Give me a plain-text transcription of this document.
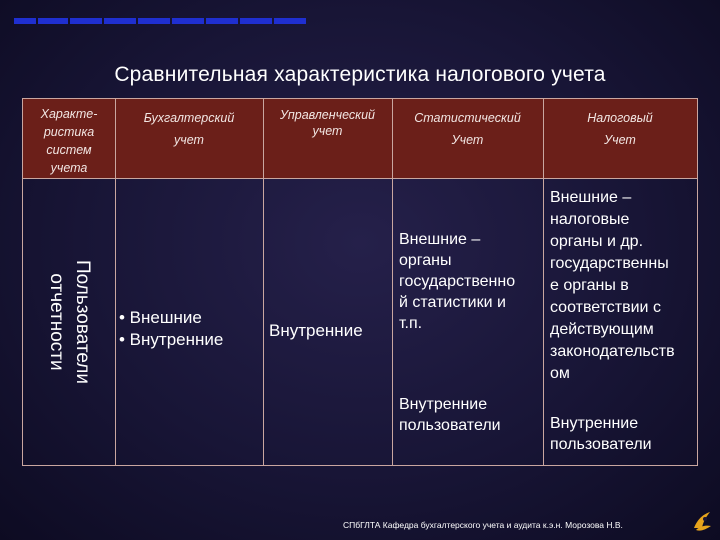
Сравнительная характеристика налогового учета
Характе-
ристика
систем
учета
Бухгалтерский
учет
Управленческий
учет
Статистический
Учет
Налоговый
Учет
Пользователи
отчетности	• Внешние
• Внутренние	Внутренние
Внешние –
органы
государственно
й статистики и
т.п.
Внутренние
пользователи
Внешние –
налоговые
органы и др.
государственны
е органы в
соответствии с
действующим
законодательств
ом
Внутренние
пользователи
СПбГЛТА Кафедра бухгалтерского учета и аудита к.э.н. Морозова Н.В.
